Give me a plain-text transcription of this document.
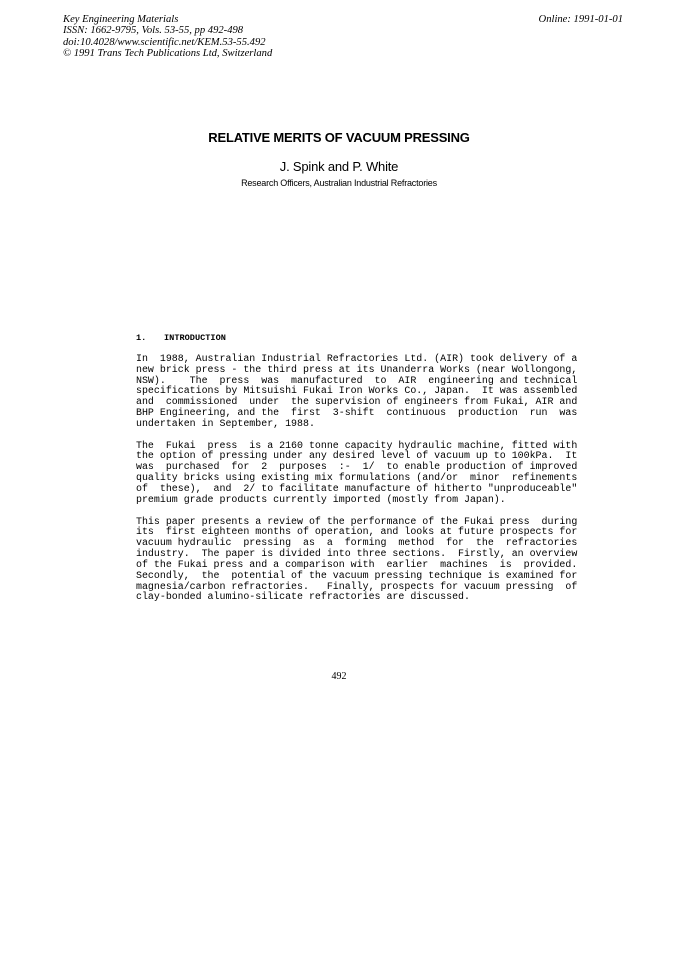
Key Engineering Materials
ISSN: 1662-9795, Vols. 53-55, pp 492-498
doi:10.4028/www.scientific.net/KEM.53-55.492
© 1991 Trans Tech Publications Ltd, Switzerland
Online: 1991-01-01
RELATIVE MERITS OF VACUUM PRESSING
J. Spink and P. White
Research Officers, Australian Industrial Refractories
1. INTRODUCTION
In  1988, Australian Industrial Refractories Ltd. (AIR) took delivery of a
new brick press - the third press at its Unanderra Works (near Wollongong,
NSW).    The  press  was  manufactured  to  AIR  engineering and technical
specifications by Mitsuishi Fukai Iron Works Co., Japan.  It was assembled
and  commissioned  under  the supervision of engineers from Fukai, AIR and
BHP Engineering, and the  first  3-shift  continuous  production  run  was
undertaken in September, 1988.
The  Fukai  press  is a 2160 tonne capacity hydraulic machine, fitted with
the option of pressing under any desired level of vacuum up to 100kPa.  It
was  purchased  for  2  purposes  :-  1/  to enable production of improved
quality bricks using existing mix formulations (and/or  minor  refinements
of  these),  and  2/ to facilitate manufacture of hitherto "unproduceable"
premium grade products currently imported (mostly from Japan).
This paper presents a review of the performance of the Fukai press  during
its  first eighteen months of operation, and looks at future prospects for
vacuum hydraulic  pressing  as  a  forming  method  for  the  refractories
industry.  The paper is divided into three sections.  Firstly, an overview
of the Fukai press and a comparison with  earlier  machines  is  provided.
Secondly,  the  potential of the vacuum pressing technique is examined for
magnesia/carbon refractories.   Finally, prospects for vacuum pressing  of
clay-bonded alumino-silicate refractories are discussed.
492
